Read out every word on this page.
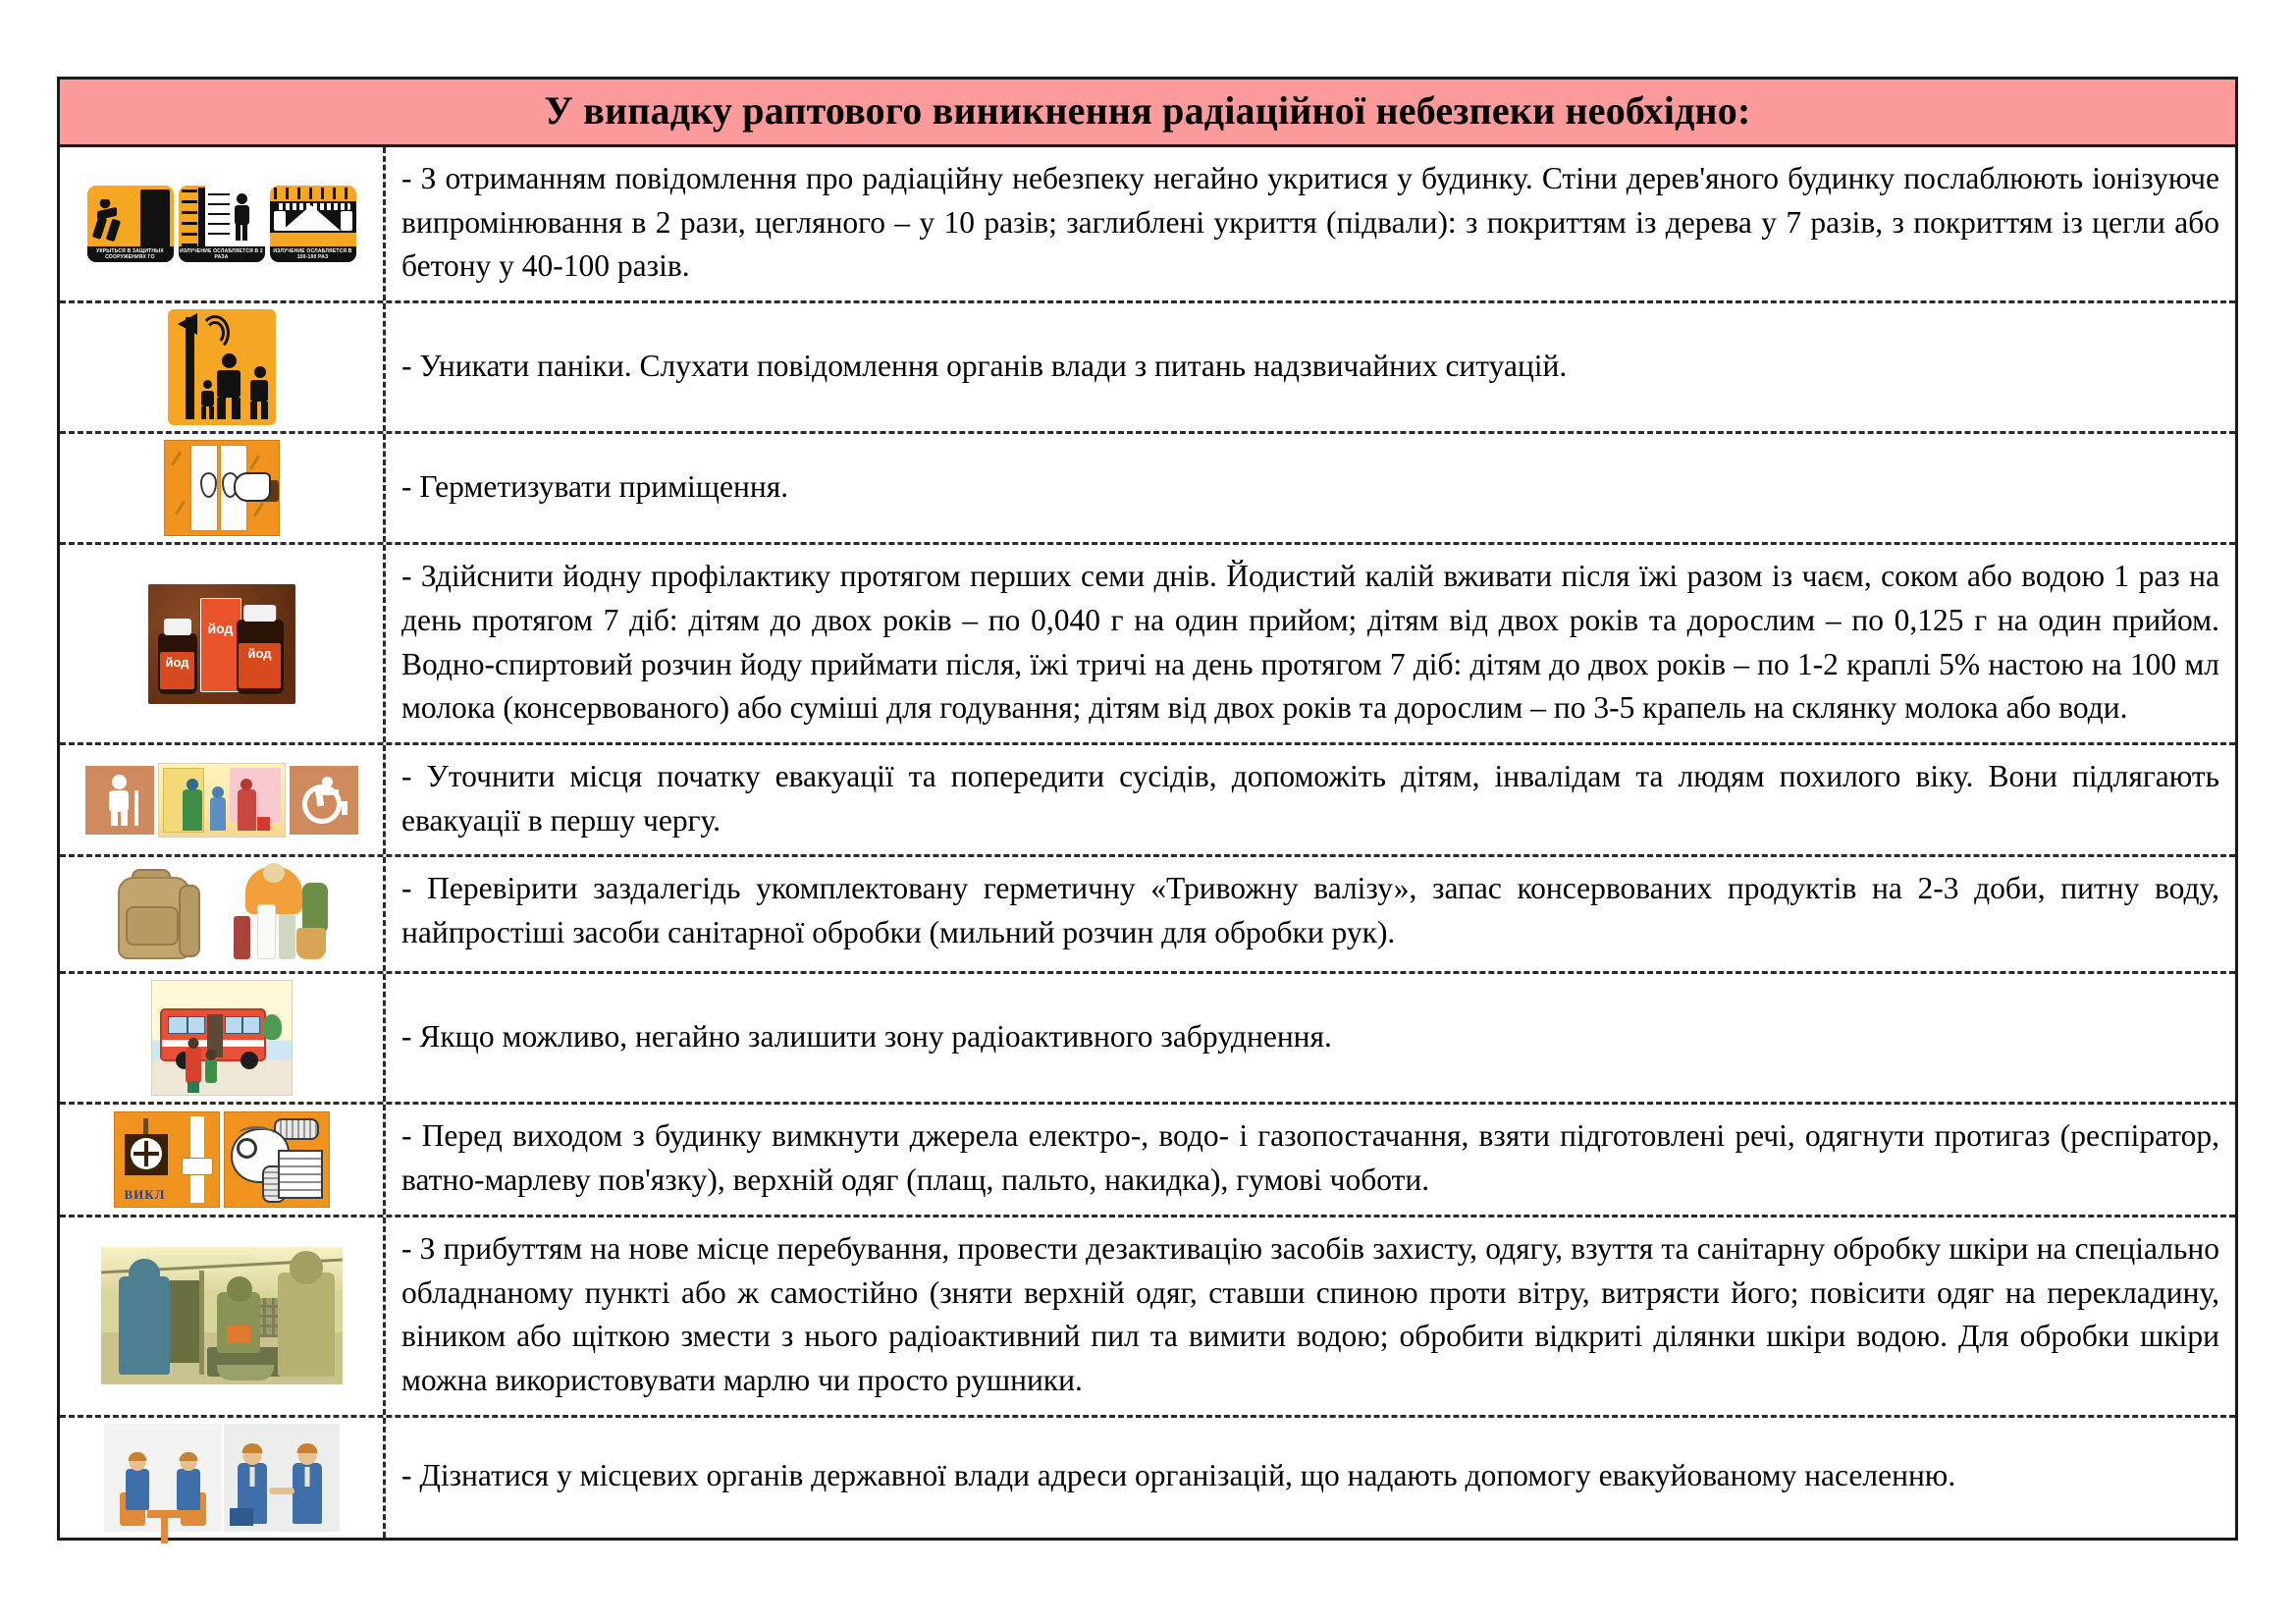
У випадку раптового виникнення радіаційної небезпеки необхідно:
УКРЫТЬСЯ В ЗАЩИТНЫХ СООРУЖЕНИЯХ ГО
ИЗЛУЧЕНИЕ ОСЛАБЛЯЕТСЯ В 2 РАЗА
ИЗЛУЧЕНИЕ ОСЛАБЛЯЕТСЯ В 100-100 РАЗ
- З отриманням повідомлення про радіаційну небезпеку негайно укритися у будинку. Стіни дерев'яного будинку послаблюють іонізуюче випромінювання в 2 рази, цегляного – у 10 разів; заглиблені укриття (підвали): з покриттям із дерева у 7 разів, з покриттям із цегли або бетону у 40-100 разів.
- Уникати паніки. Слухати повідомлення органів влади з питань надзвичайних ситуацій.
- Герметизувати приміщення.
йод
йод
йод
- Здійснити йодну профілактику протягом перших семи днів. Йодистий калій вживати після їжі разом із чаєм, соком або водою 1 раз на день протягом 7 діб: дітям до двох років – по 0,040 г на один прийом; дітям від двох років та дорослим – по 0,125 г на один прийом. Водно-спиртовий розчин йоду приймати після, їжі тричі на день протягом 7 діб: дітям до двох років – по 1-2 краплі 5% настою на 100 мл молока (консервованого) або суміші для годування; дітям від двох років та дорослим – по 3-5 крапель на склянку молока або води.
- Уточнити місця початку евакуації та попередити сусідів, допоможіть дітям, інвалідам та людям похилого віку. Вони підлягають евакуації в першу чергу.
- Перевірити заздалегідь укомплектовану герметичну «Тривожну валізу», запас консервованих продуктів на 2-3 доби, питну воду, найпростіші засоби санітарної обробки (мильний розчин для обробки рук).
- Якщо можливо, негайно залишити зону радіоактивного забруднення.
ВИКЛ
- Перед виходом з будинку вимкнути джерела електро-, водо- і газопостачання, взяти підготовлені речі, одягнути протигаз (респіратор, ватно-марлеву пов'язку), верхній одяг (плащ, пальто, накидка), гумові чоботи.
- З прибуттям на нове місце перебування, провести дезактивацію засобів захисту, одягу, взуття та санітарну обробку шкіри на спеціально обладнаному пункті або ж самостійно (зняти верхній одяг, ставши спиною проти вітру, витрясти його; повісити одяг на перекладину, віником або щіткою змести з нього радіоактивний пил та вимити водою; обробити відкриті ділянки шкіри водою. Для обробки шкіри можна використовувати марлю чи просто рушники.
- Дізнатися у місцевих органів державної влади адреси організацій, що надають допомогу евакуйованому населенню.
